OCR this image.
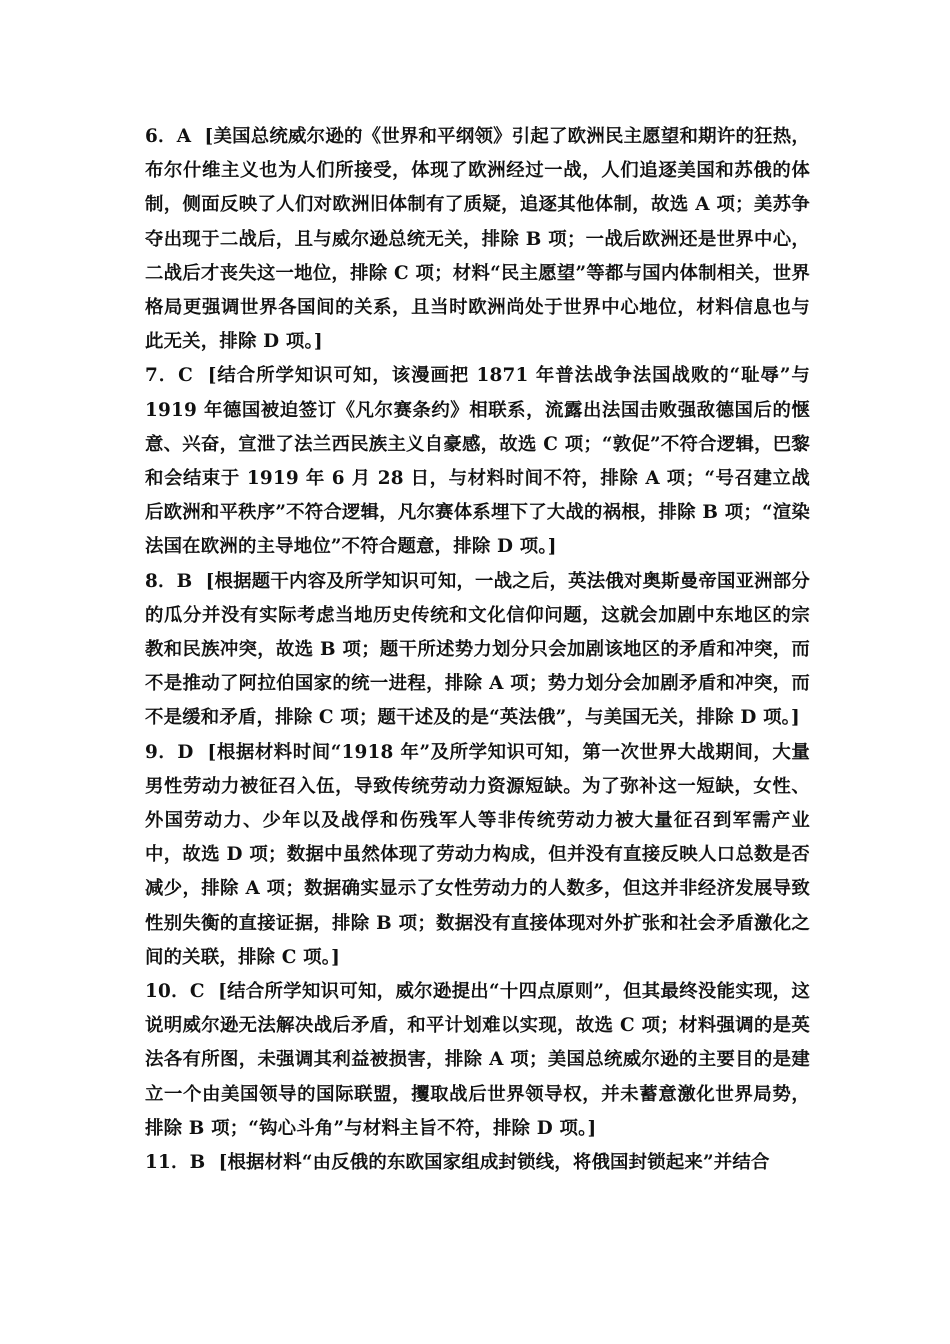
6．A [美国总统威尔逊的《世界和平纲领》引起了欧洲民主愿望和期许的狂热，布尔什维主义也为人们所接受，体现了欧洲经过一战，人们追逐美国和苏俄的体制，侧面反映了人们对欧洲旧体制有了质疑，追逐其他体制，故选 A 项；美苏争夺出现于二战后，且与威尔逊总统无关，排除 B 项；一战后欧洲还是世界中心，二战后才丧失这一地位，排除 C 项；材料“民主愿望”等都与国内体制相关，世界格局更强调世界各国间的关系，且当时欧洲尚处于世界中心地位，材料信息也与此无关，排除 D 项。]

7．C [结合所学知识可知，该漫画把 1871 年普法战争法国战败的“耻辱”与 1919 年德国被迫签订《凡尔赛条约》相联系，流露出法国击败强敌德国后的惬意、兴奋，宣泄了法兰西民族主义自豪感，故选 C 项；“敦促”不符合逻辑，巴黎和会结束于 1919 年 6 月 28 日，与材料时间不符，排除 A 项；“号召建立战后欧洲和平秩序”不符合逻辑，凡尔赛体系埋下了大战的祸根，排除 B 项；“渲染法国在欧洲的主导地位”不符合题意，排除 D 项。]

8．B [根据题干内容及所学知识可知，一战之后，英法俄对奥斯曼帝国亚洲部分的瓜分并没有实际考虑当地历史传统和文化信仰问题，这就会加剧中东地区的宗教和民族冲突，故选 B 项；题干所述势力划分只会加剧该地区的矛盾和冲突，而不是推动了阿拉伯国家的统一进程，排除 A 项；势力划分会加剧矛盾和冲突，而不是缓和矛盾，排除 C 项；题干述及的是“英法俄”，与美国无关，排除 D 项。]

9．D [根据材料时间“1918 年”及所学知识可知，第一次世界大战期间，大量男性劳动力被征召入伍，导致传统劳动力资源短缺。为了弥补这一短缺，女性、外国劳动力、少年以及战俘和伤残军人等非传统劳动力被大量征召到军需产业中，故选 D 项；数据中虽然体现了劳动力构成，但并没有直接反映人口总数是否减少，排除 A 项；数据确实显示了女性劳动力的人数多，但这并非经济发展导致性别失衡的直接证据，排除 B 项；数据没有直接体现对外扩张和社会矛盾激化之间的关联，排除 C 项。]

10．C [结合所学知识可知，威尔逊提出“十四点原则”，但其最终没能实现，这说明威尔逊无法解决战后矛盾，和平计划难以实现，故选 C 项；材料强调的是英法各有所图，未强调其利益被损害，排除 A 项；美国总统威尔逊的主要目的是建立一个由美国领导的国际联盟，攫取战后世界领导权，并未蓄意激化世界局势，排除 B 项；“钩心斗角”与材料主旨不符，排除 D 项。]

11．B [根据材料“由反俄的东欧国家组成封锁线，将俄国封锁起来”并结合
